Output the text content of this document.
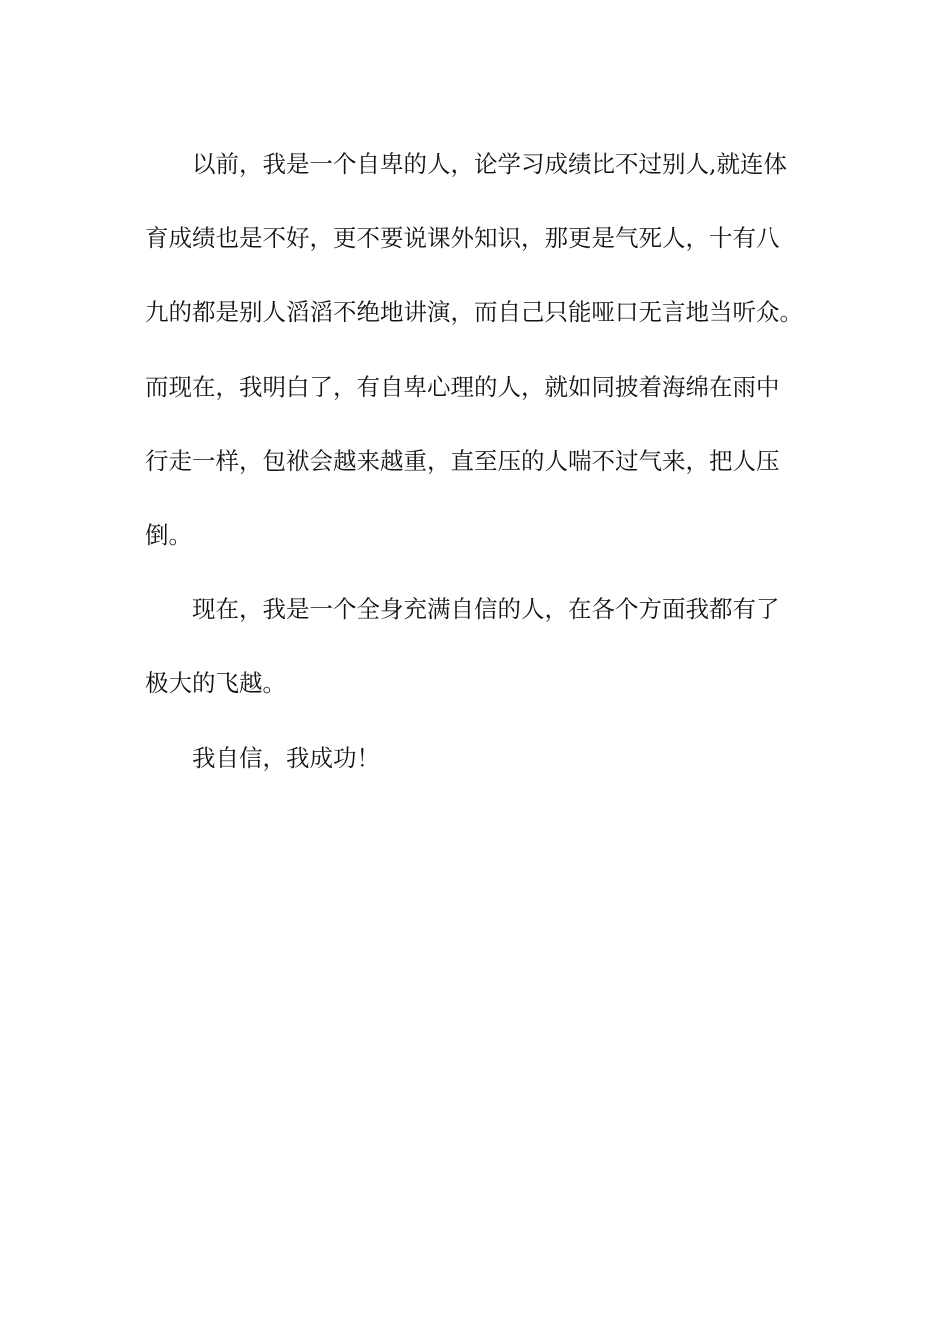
以前，我是一个自卑的人，论学习成绩比不过别人,就连体
育成绩也是不好，更不要说课外知识，那更是气死人，十有八
九的都是别人滔滔不绝地讲演，而自己只能哑口无言地当听众。
而现在，我明白了，有自卑心理的人，就如同披着海绵在雨中
行走一样，包袱会越来越重，直至压的人喘不过气来，把人压
倒。
现在，我是一个全身充满自信的人，在各个方面我都有了
极大的飞越。
我自信，我成功！
